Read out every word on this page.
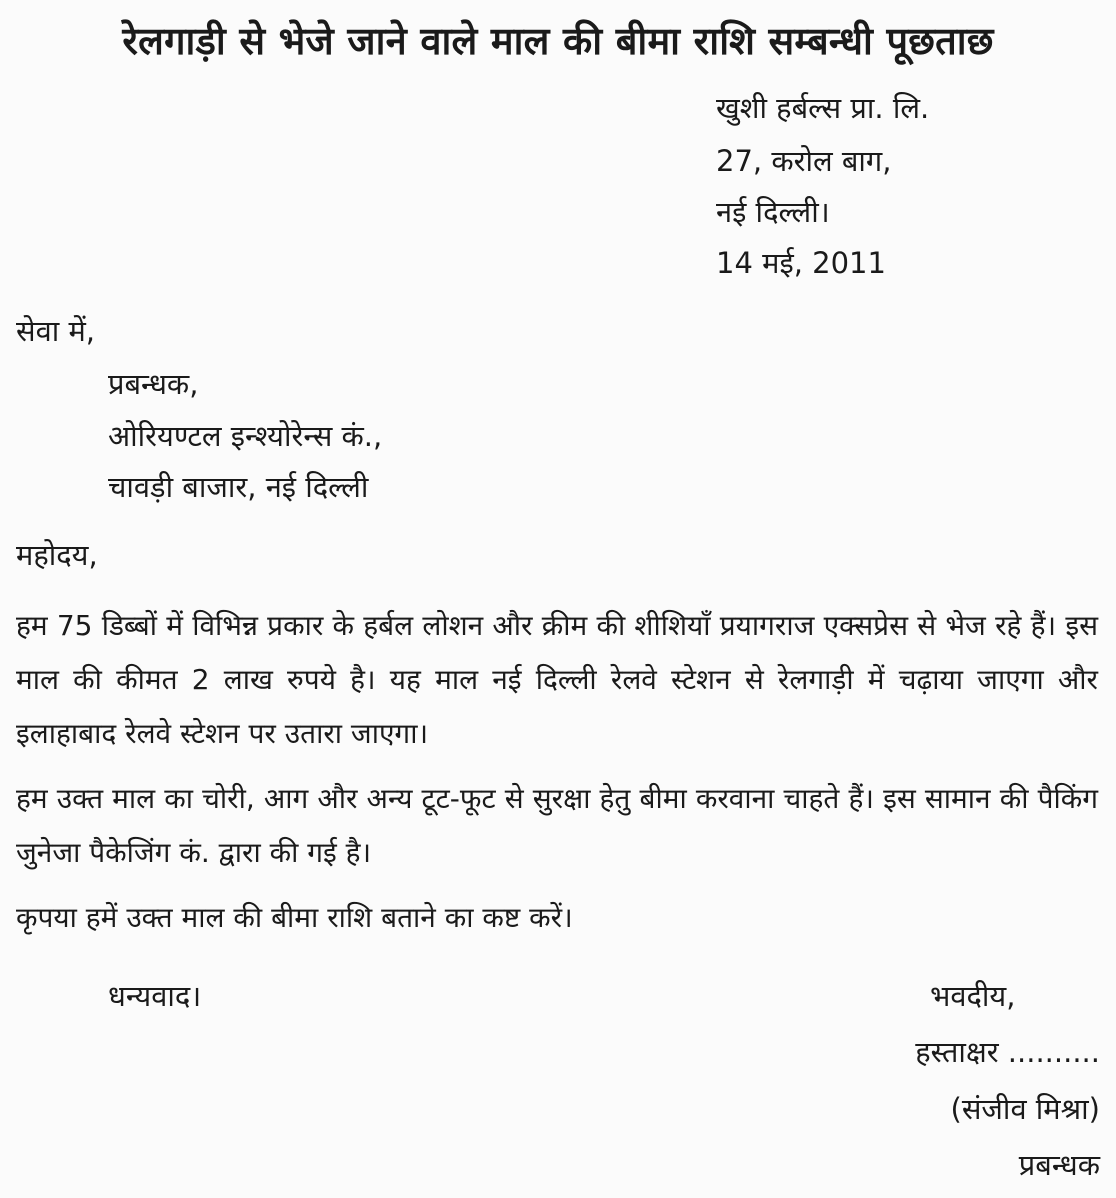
रेलगाड़ी से भेजे जाने वाले माल की बीमा राशि सम्बन्धी पूछताछ
खुशी हर्बल्स प्रा. लि.
27, करोल बाग,
नई दिल्ली।
14 मई, 2011
सेवा में,
प्रबन्धक,
ओरियण्टल इन्श्योरेन्स कं.,
चावड़ी बाजार, नई दिल्ली
महोदय,
हम 75 डिब्बों में विभिन्न प्रकार के हर्बल लोशन और क्रीम की शीशियाँ प्रयागराज एक्सप्रेस से भेज रहे हैं। इस माल की कीमत 2 लाख रुपये है। यह माल नई दिल्ली रेलवे स्टेशन से रेलगाड़ी में चढ़ाया जाएगा और इलाहाबाद रेलवे स्टेशन पर उतारा जाएगा।
हम उक्त माल का चोरी, आग और अन्य टूट-फूट से सुरक्षा हेतु बीमा करवाना चाहते हैं। इस सामान की पैकिंग जुनेजा पैकेजिंग कं. द्वारा की गई है।
कृपया हमें उक्त माल की बीमा राशि बताने का कष्ट करें।
धन्यवाद।	भवदीय,
हस्ताक्षर ..........
(संजीव मिश्रा)
प्रबन्धक
